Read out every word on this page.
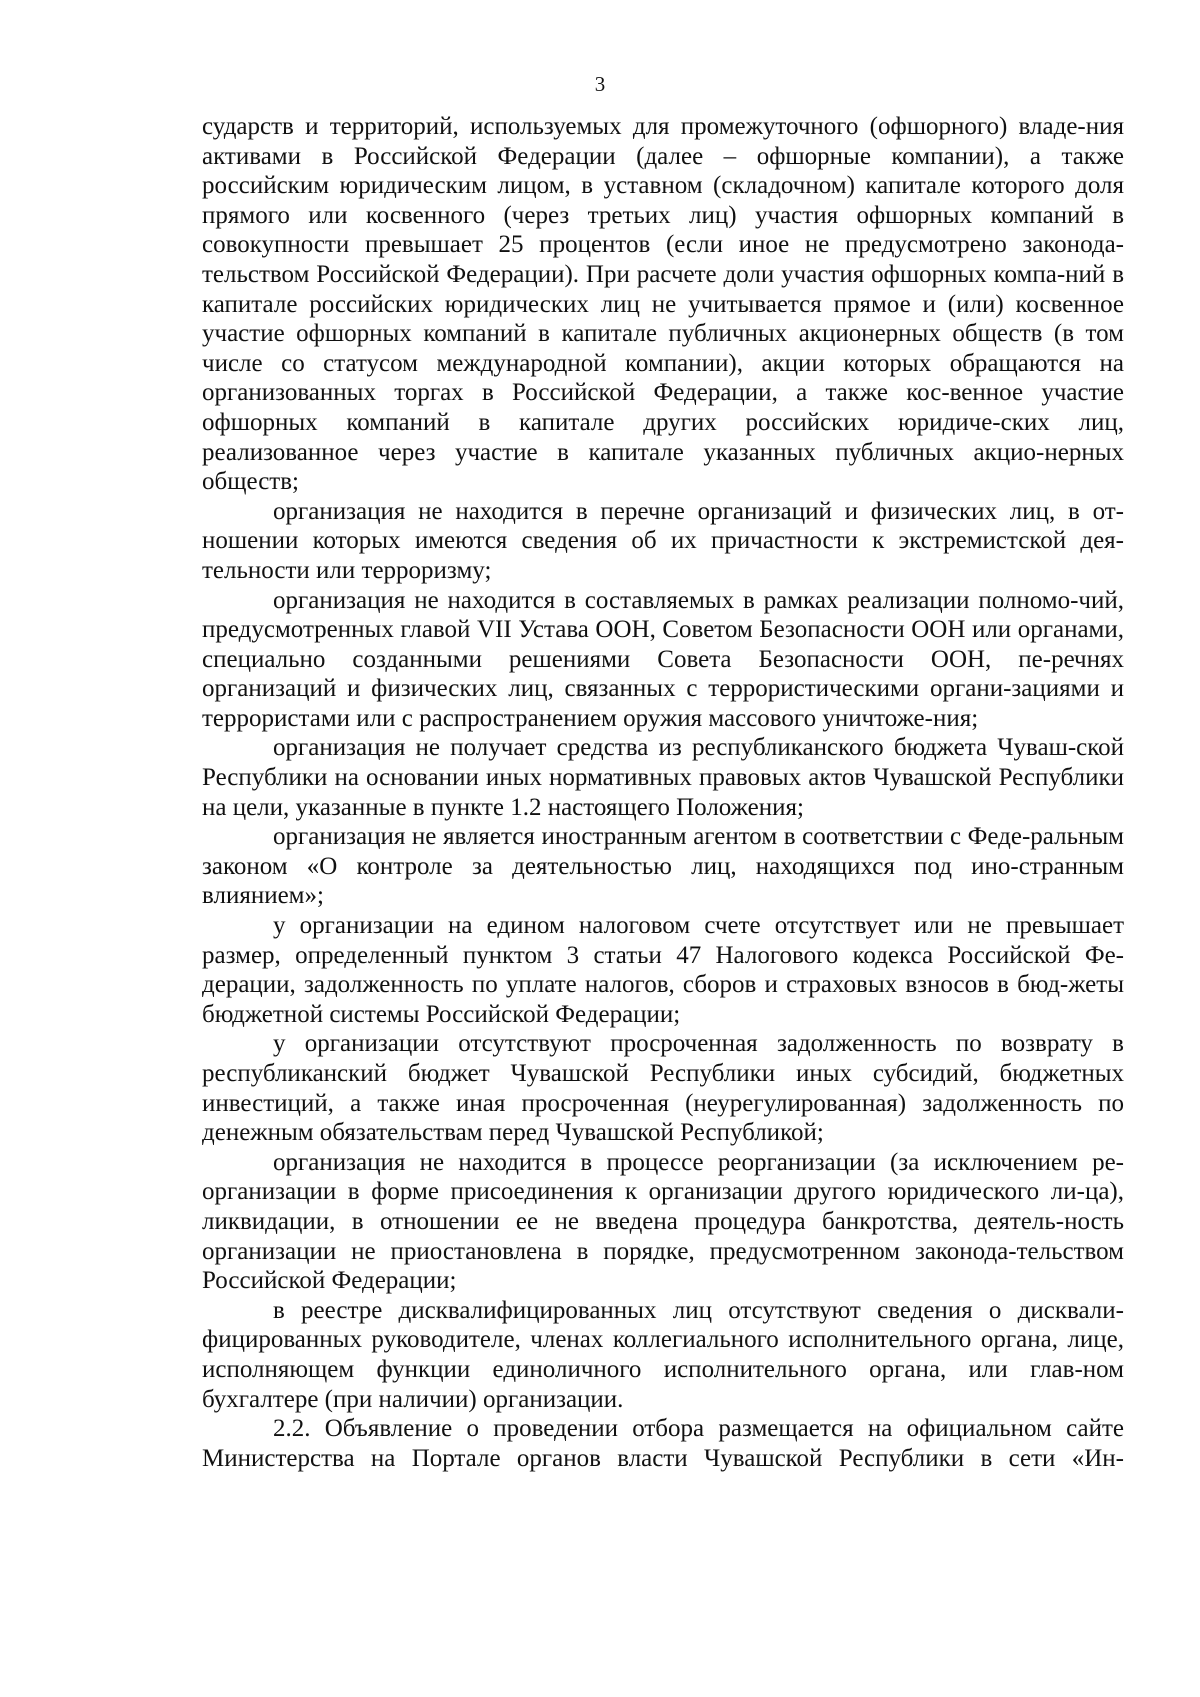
3

сударств и территорий, используемых для промежуточного (офшорного) владе-ния активами в Российской Федерации (далее – офшорные компании), а также российским юридическим лицом, в уставном (складочном) капитале которого доля прямого или косвенного (через третьих лиц) участия офшорных компаний в совокупности превышает 25 процентов (если иное не предусмотрено законода-тельством Российской Федерации). При расчете доли участия офшорных компа-ний в капитале российских юридических лиц не учитывается прямое и (или) косвенное участие офшорных компаний в капитале публичных акционерных обществ (в том числе со статусом международной компании), акции которых обращаются на организованных торгах в Российской Федерации, а также кос-венное участие офшорных компаний в капитале других российских юридиче-ских лиц, реализованное через участие в капитале указанных публичных акцио-нерных обществ;

организация не находится в перечне организаций и физических лиц, в от-ношении которых имеются сведения об их причастности к экстремистской дея-тельности или терроризму;

организация не находится в составляемых в рамках реализации полномо-чий, предусмотренных главой VII Устава ООН, Советом Безопасности ООН или органами, специально созданными решениями Совета Безопасности ООН, пе-речнях организаций и физических лиц, связанных с террористическими органи-зациями и террористами или с распространением оружия массового уничтоже-ния;

организация не получает средства из республиканского бюджета Чуваш-ской Республики на основании иных нормативных правовых актов Чувашской Республики на цели, указанные в пункте 1.2 настоящего Положения;

организация не является иностранным агентом в соответствии с Феде-ральным законом «О контроле за деятельностью лиц, находящихся под ино-странным влиянием»;

у организации на едином налоговом счете отсутствует или не превышает размер, определенный пунктом 3 статьи 47 Налогового кодекса Российской Фе-дерации, задолженность по уплате налогов, сборов и страховых взносов в бюд-жеты бюджетной системы Российской Федерации;

у организации отсутствуют просроченная задолженность по возврату в республиканский бюджет Чувашской Республики иных субсидий, бюджетных инвестиций, а также иная просроченная (неурегулированная) задолженность по денежным обязательствам перед Чувашской Республикой;

организация не находится в процессе реорганизации (за исключением ре-организации в форме присоединения к организации другого юридического ли-ца), ликвидации, в отношении ее не введена процедура банкротства, деятель-ность организации не приостановлена в порядке, предусмотренном законода-тельством Российской Федерации;

в реестре дисквалифицированных лиц отсутствуют сведения о дисквали-фицированных руководителе, членах коллегиального исполнительного органа, лице, исполняющем функции единоличного исполнительного органа, или глав-ном бухгалтере (при наличии) организации.

2.2. Объявление о проведении отбора размещается на официальном сайте Министерства на Портале органов власти Чувашской Республики в сети «Ин-
